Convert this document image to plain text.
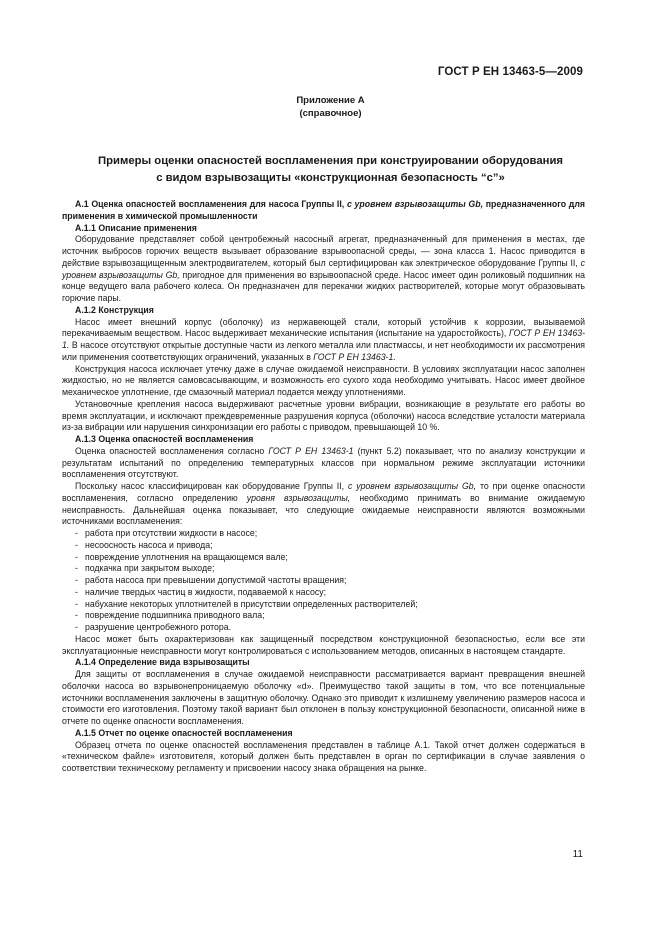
ГОСТ Р ЕН 13463-5—2009
Приложение А
(справочное)
Примеры оценки опасностей воспламенения при конструировании оборудования
с видом взрывозащиты «конструкционная безопасность “с”»

А.1 Оценка опасностей воспламенения для насоса Группы II, с уровнем взрывозащиты Gb, предназначенного для применения в химической промышленности

А.1.1 Описание применения

Оборудование представляет собой центробежный насосный агрегат, предназначенный для применения в местах, где источник выбросов горючих веществ вызывает образование взрывоопасной среды, — зона класса 1. Насос приводится в действие взрывозащищенным электродвигателем, который был сертифицирован как электрическое оборудование Группы II, с уровнем взрывозащиты Gb, пригодное для применения во взрывоопасной среде. Насос имеет один роликовый подшипник на конце ведущего вала рабочего колеса. Он предназначен для перекачки жидких растворителей, которые могут образовывать горючие пары.

А.1.2 Конструкция

Насос имеет внешний корпус (оболочку) из нержавеющей стали, который устойчив к коррозии, вызываемой перекачиваемым веществом. Насос выдерживает механические испытания (испытание на удароcтойкость), ГОСТ Р ЕН 13463-1. В насосе отсутствуют открытые доступные части из легкого металла или пластмассы, и нет необходимости их рассмотрения или применения соответствующих ограничений, указанных в ГОСТ Р ЕН 13463-1.

Конструкция насоса исключает утечку даже в случае ожидаемой неисправности. В условиях эксплуатации насос заполнен жидкостью, но не является самовсасывающим, и возможность его сухого хода необходимо учитывать. Насос имеет двойное механическое уплотнение, где смазочный материал подается между уплотнениями.

Установочные крепления насоса выдерживают расчетные уровни вибрации, возникающие в результате его работы во время эксплуатации, и исключают преждевременные разрушения корпуса (оболочки) насоса вследствие усталости материала из-за вибрации или нарушения синхронизации его работы с приводом, превышающей 10 %.

А.1.3 Оценка опасностей воспламенения

Оценка опасностей воспламенения согласно ГОСТ Р ЕН 13463-1 (пункт 5.2) показывает, что по анализу конструкции и результатам испытаний по определению температурных классов при нормальном режиме эксплуатации источники воспламенения отсутствуют.

Поскольку насос классифицирован как оборудование Группы II, с уровнем взрывозащиты Gb, то при оценке опасности воспламенения, согласно определению уровня взрывозащиты, необходимо принимать во внимание ожидаемую неисправность. Дальнейшая оценка показывает, что следующие ожидаемые неисправности являются возможными источниками воспламенения:

- работа при отсутствии жидкости в насосе;
- несоосность насоса и привода;
- повреждение уплотнения на вращающемся вале;
- подкачка при закрытом выходе;
- работа насоса при превышении допустимой частоты вращения;
- наличие твердых частиц в жидкости, подаваемой к насосу;
- набухание некоторых уплотнителей в присутствии определенных растворителей;
- повреждение подшипника приводного вала;
- разрушение центробежного ротора.

Насос может быть охарактеризован как защищенный посредством конструкционной безопасностью, если все эти эксплуатационные неисправности могут контролироваться с использованием методов, описанных в настоящем стандарте.

А.1.4 Определение вида взрывозащиты

Для защиты от воспламенения в случае ожидаемой неисправности рассматривается вариант превращения внешней оболочки насоса во взрывонепроницаемую оболочку «d». Преимущество такой защиты в том, что все потенциальные источники воспламенения заключены в защитную оболочку. Однако это приводит к излишнему увеличению размеров насоса и стоимости его изготовления. Поэтому такой вариант был отклонен в пользу конструкционной безопасности, описанной ниже в отчете по оценке опасности воспламенения.

А.1.5 Отчет по оценке опасностей воспламенения

Образец отчета по оценке опасностей воспламенения представлен в таблице А.1. Такой отчет должен содержаться в «техническом файле» изготовителя, который должен быть представлен в орган по сертификации в случае заявления о соответствии техническому регламенту и присвоении насосу знака обращения на рынке.

11
